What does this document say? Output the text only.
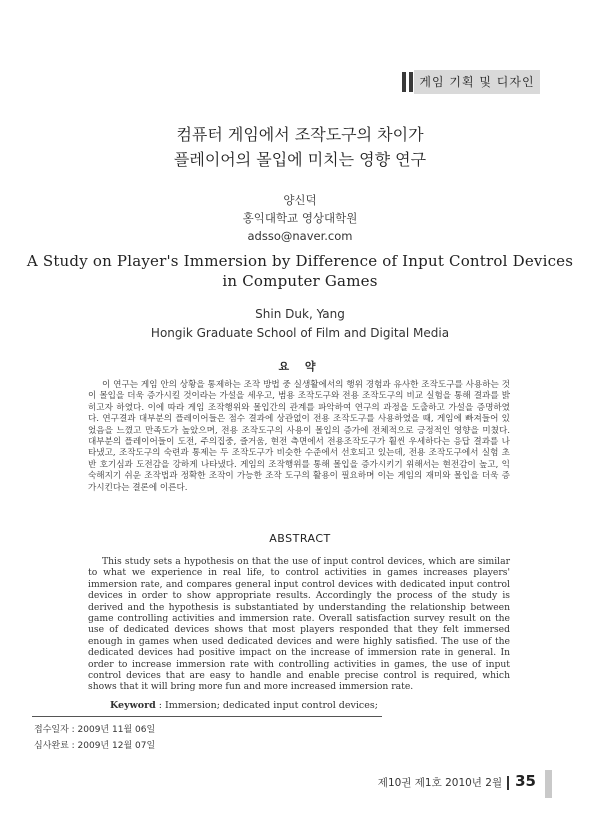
게임 기획 및 디자인
컴퓨터 게임에서 조작도구의 차이가
플레이어의 몰입에 미치는 영향 연구
양신덕
홍익대학교 영상대학원
adsso@naver.com
A Study on Player's Immersion by Difference of Input Control Devices
in Computer Games
Shin Duk, Yang
Hongik Graduate School of Film and Digital Media
요 약
이 연구는 게임 안의 상황을 통제하는 조작 방법 중 실생활에서의 행위 경험과 유사한 조작도구를 사용하는 것이 몰입을 더욱 증가시킬 것이라는 가설을 세우고, 범용 조작도구와 전용 조작도구의 비교 실험을 통해 결과를 밝히고자 하였다. 이에 따라 게임 조작행위와 몰입간의 관계를 파악하여 연구의 과정을 도출하고 가설을 증명하였다. 연구결과 대부분의 플레이어들은 점수 결과에 상관없이 전용 조작도구를 사용하였을 때, 게임에 빠져들어 있었음을 느꼈고 만족도가 높았으며, 전용 조작도구의 사용이 몰입의 증가에 전체적으로 긍정적인 영향을 미쳤다. 대부분의 플레이어들이 도전, 주의집중, 즐거움, 현전 측면에서 전용조작도구가 훨씬 우세하다는 응답 결과를 나타냈고, 조작도구의 숙련과 통제는 두 조작도구가 비슷한 수준에서 선호되고 있는데, 전용 조작도구에서 실험 초반 호기심과 도전감을 강하게 나타냈다. 게임의 조작행위를 통해 몰입을 증가시키기 위해서는 현전감이 높고, 익숙해지기 쉬운 조작법과 정확한 조작이 가능한 조작 도구의 활용이 필요하며 이는 게임의 재미와 몰입을 더욱 증가시킨다는 결론에 이른다.
ABSTRACT
This study sets a hypothesis on that the use of input control devices, which are similar to what we experience in real life, to control activities in games increases players' immersion rate, and compares general input control devices with dedicated input control devices in order to show appropriate results. Accordingly the process of the study is derived and the hypothesis is substantiated by understanding the relationship between game controlling activities and immersion rate. Overall satisfaction survey result on the use of dedicated devices shows that most players responded that they felt immersed enough in games when used dedicated devices and were highly satisfied. The use of the dedicated devices had positive impact on the increase of immersion rate in general. In order to increase immersion rate with controlling activities in games, the use of input control devices that are easy to handle and enable precise control is required, which shows that it will bring more fun and more increased immersion rate.
Keyword : Immersion; dedicated input control devices;
접수일자 : 2009년 11월 06일
심사완료 : 2009년 12월 07일
제10권 제1호 2010년 2월 35
